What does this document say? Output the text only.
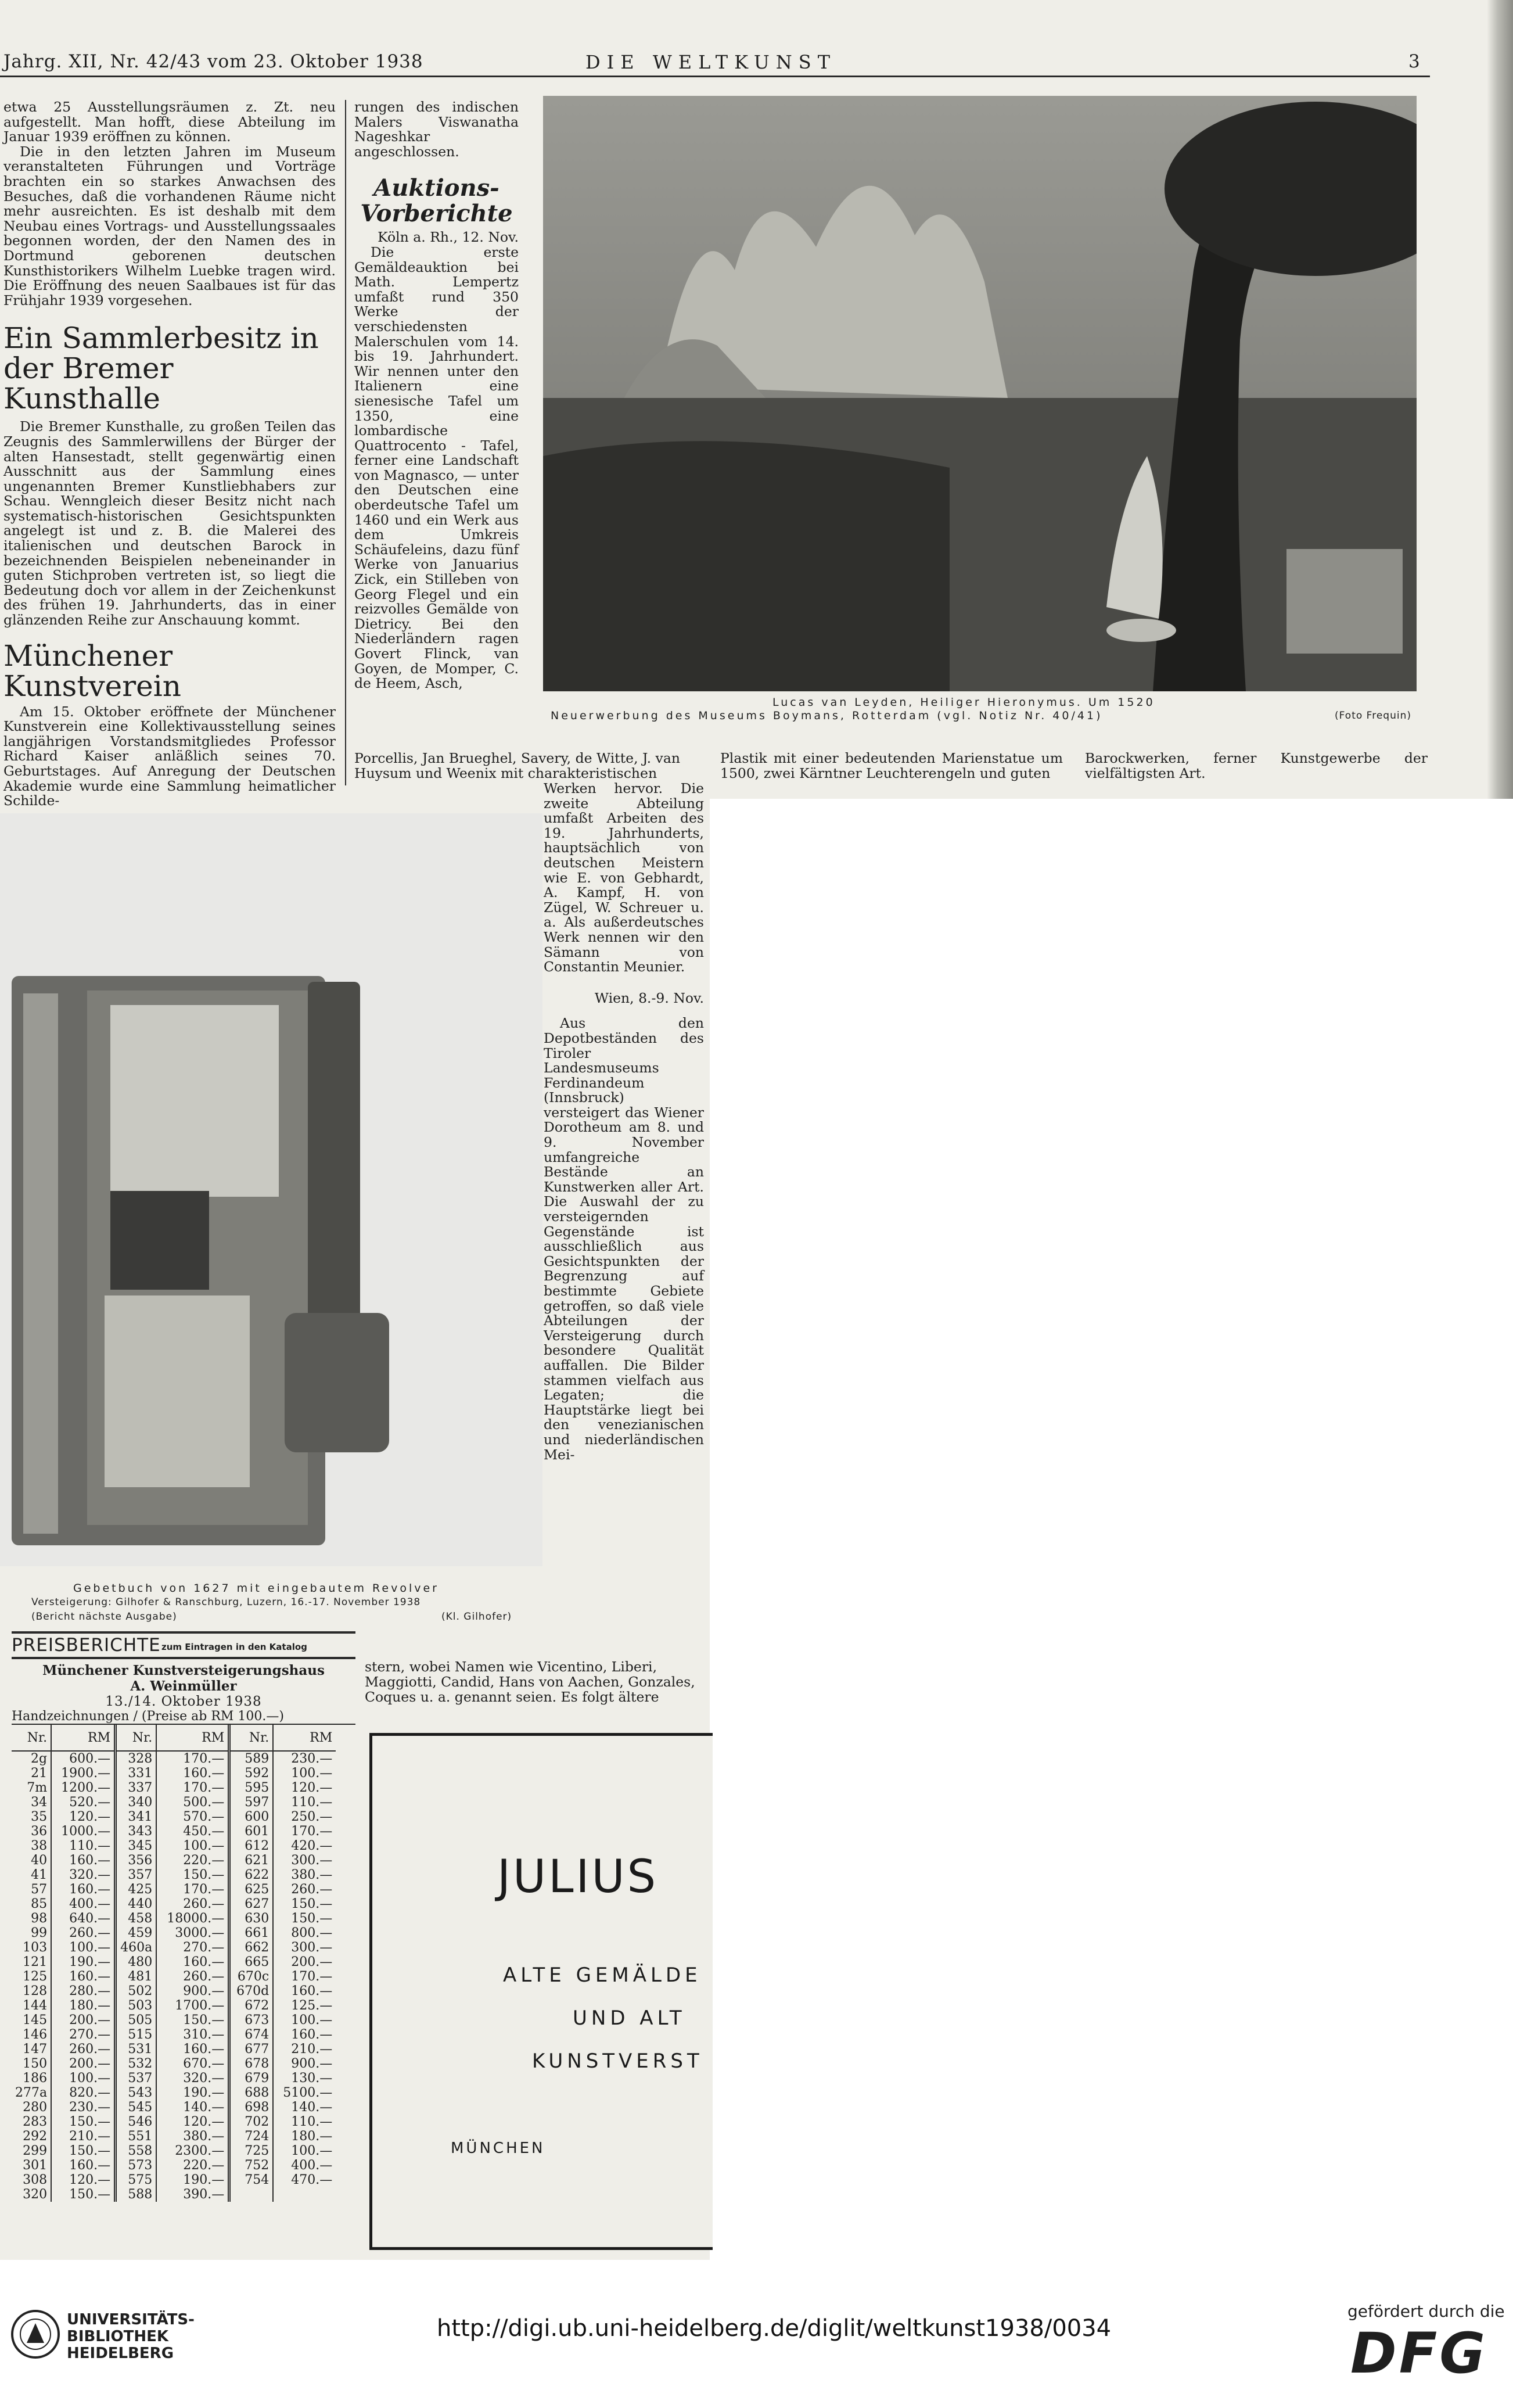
Jahrg. XII, Nr. 42/43 vom 23. Oktober 1938	DIE WELTKUNST	3

etwa 25 Ausstellungsräumen z. Zt. neu aufgestellt. Man hofft, diese Abteilung im Januar 1939 eröffnen zu können.

Die in den letzten Jahren im Museum veranstalteten Führungen und Vorträge brachten ein so starkes Anwachsen des Besuches, daß die vorhandenen Räume nicht mehr ausreichten. Es ist deshalb mit dem Neubau eines Vortrags- und Ausstellungssaales begonnen worden, der den Namen des in Dortmund geborenen deutschen Kunsthistorikers Wilhelm Luebke tragen wird. Die Eröffnung des neuen Saalbaues ist für das Frühjahr 1939 vorgesehen.

Ein Sammlerbesitz in der Bremer Kunsthalle

Die Bremer Kunsthalle, zu großen Teilen das Zeugnis des Sammlerwillens der Bürger der alten Hansestadt, stellt gegenwärtig einen Ausschnitt aus der Sammlung eines ungenannten Bremer Kunstliebhabers zur Schau. Wenngleich dieser Besitz nicht nach systematisch-historischen Gesichtspunkten angelegt ist und z. B. die Malerei des italienischen und deutschen Barock in bezeichnenden Beispielen nebeneinander in guten Stichproben vertreten ist, so liegt die Bedeutung doch vor allem in der Zeichenkunst des frühen 19. Jahrhunderts, das in einer glänzenden Reihe zur Anschauung kommt.

Münchener Kunstverein

Am 15. Oktober eröffnete der Münchener Kunstverein eine Kollektivausstellung seines langjährigen Vorstandsmitgliedes Professor Richard Kaiser anläßlich seines 70. Geburtstages. Auf Anregung der Deutschen Akademie wurde eine Sammlung heimatlicher Schilde-

rungen des indischen Malers Viswanatha Nageshkar angeschlossen.

Auktions-
Vorberichte

Köln a. Rh., 12. Nov.

Die erste Gemäldeauktion bei Math. Lempertz umfaßt rund 350 Werke der verschiedensten Malerschulen vom 14. bis 19. Jahrhundert. Wir nennen unter den Italienern eine sienesische Tafel um 1350, eine lombardische Quattrocento - Tafel, ferner eine Landschaft von Magnasco, — unter den Deutschen eine oberdeutsche Tafel um 1460 und ein Werk aus dem Umkreis Schäufeleins, dazu fünf Werke von Januarius Zick, ein Stilleben von Georg Flegel und ein reizvolles Gemälde von Dietricy. Bei den Niederländern ragen Govert Flinck, van Goyen, de Momper, C. de Heem, Asch,

Porcellis, Jan Brueghel, Savery, de Witte, J. van
Huysum und Weenix mit charakteristischen
Lucas van Leyden, Heiliger Hieronymus. Um 1520
Neuerwerbung des Museums Boymans, Rotterdam (vgl. Notiz Nr. 40/41)	(Foto Frequin)
Plastik mit einer bedeutenden Marienstatue um 1500, zwei Kärntner Leuchterengeln und guten
Barockwerken, ferner Kunstgewerbe der vielfältigsten Art.

Werken hervor. Die zweite Abteilung umfaßt Arbeiten des 19. Jahrhunderts, hauptsächlich von deutschen Meistern wie E. von Gebhardt, A. Kampf, H. von Zügel, W. Schreuer u. a. Als außerdeutsches Werk nennen wir den Sämann von Constantin Meunier.

Wien, 8.-9. Nov.

Aus den Depotbeständen des Tiroler Landesmuseums Ferdinandeum (Innsbruck) versteigert das Wiener Dorotheum am 8. und 9. November umfangreiche Bestände an Kunstwerken aller Art. Die Auswahl der zu versteigernden Gegenstände ist ausschließlich aus Gesichtspunkten der Begrenzung auf bestimmte Gebiete getroffen, so daß viele Abteilungen der Versteigerung durch besondere Qualität auffallen. Die Bilder stammen vielfach aus Legaten; die Hauptstärke liegt bei den venezianischen und niederländischen Mei-

stern, wobei Namen wie Vicentino, Liberi,
Maggiotti, Candid, Hans von Aachen, Gonzales,
Coques u. a. genannt seien. Es folgt ältere
Gebetbuch von 1627 mit eingebautem Revolver
Versteigerung: Gilhofer & Ranschburg, Luzern, 16.-17. November 1938
(Bericht nächste Ausgabe)	(Kl. Gilhofer)
PREISBERICHTE zum Eintragen in den Katalog
Münchener Kunstversteigerungshaus
A. Weinmüller
13./14. Oktober 1938
Handzeichnungen / (Preise ab RM 100.—)
Nr.	RM	Nr.	RM	Nr.	RM
2g	600.—	328	170.—	589	230.—
21	1900.—	331	160.—	592	100.—
7m	1200.—	337	170.—	595	120.—
34	520.—	340	500.—	597	110.—
35	120.—	341	570.—	600	250.—
36	1000.—	343	450.—	601	170.—
38	110.—	345	100.—	612	420.—
40	160.—	356	220.—	621	300.—
41	320.—	357	150.—	622	380.—
57	160.—	425	170.—	625	260.—
85	400.—	440	260.—	627	150.—
98	640.—	458	18000.—	630	150.—
99	260.—	459	3000.—	661	800.—
103	100.—	460a	270.—	662	300.—
121	190.—	480	160.—	665	200.—
125	160.—	481	260.—	670c	170.—
128	280.—	502	900.—	670d	160.—
144	180.—	503	1700.—	672	125.—
145	200.—	505	150.—	673	100.—
146	270.—	515	310.—	674	160.—
147	260.—	531	160.—	677	210.—
150	200.—	532	670.—	678	900.—
186	100.—	537	320.—	679	130.—
277a	820.—	543	190.—	688	5100.—
280	230.—	545	140.—	698	140.—
283	150.—	546	120.—	702	110.—
292	210.—	551	380.—	724	180.—
299	150.—	558	2300.—	725	100.—
301	160.—	573	220.—	752	400.—
308	120.—	575	190.—	754	470.—
320	150.—	588	390.—		
JULIUS
ALTE GEMÄLDE
UND ALT
KUNSTVERST
MÜNCHEN
UNIVERSITÄTS-
BIBLIOTHEK
HEIDELBERG
http://digi.ub.uni-heidelberg.de/diglit/weltkunst1938/0034
gefördert durch die
DFG
